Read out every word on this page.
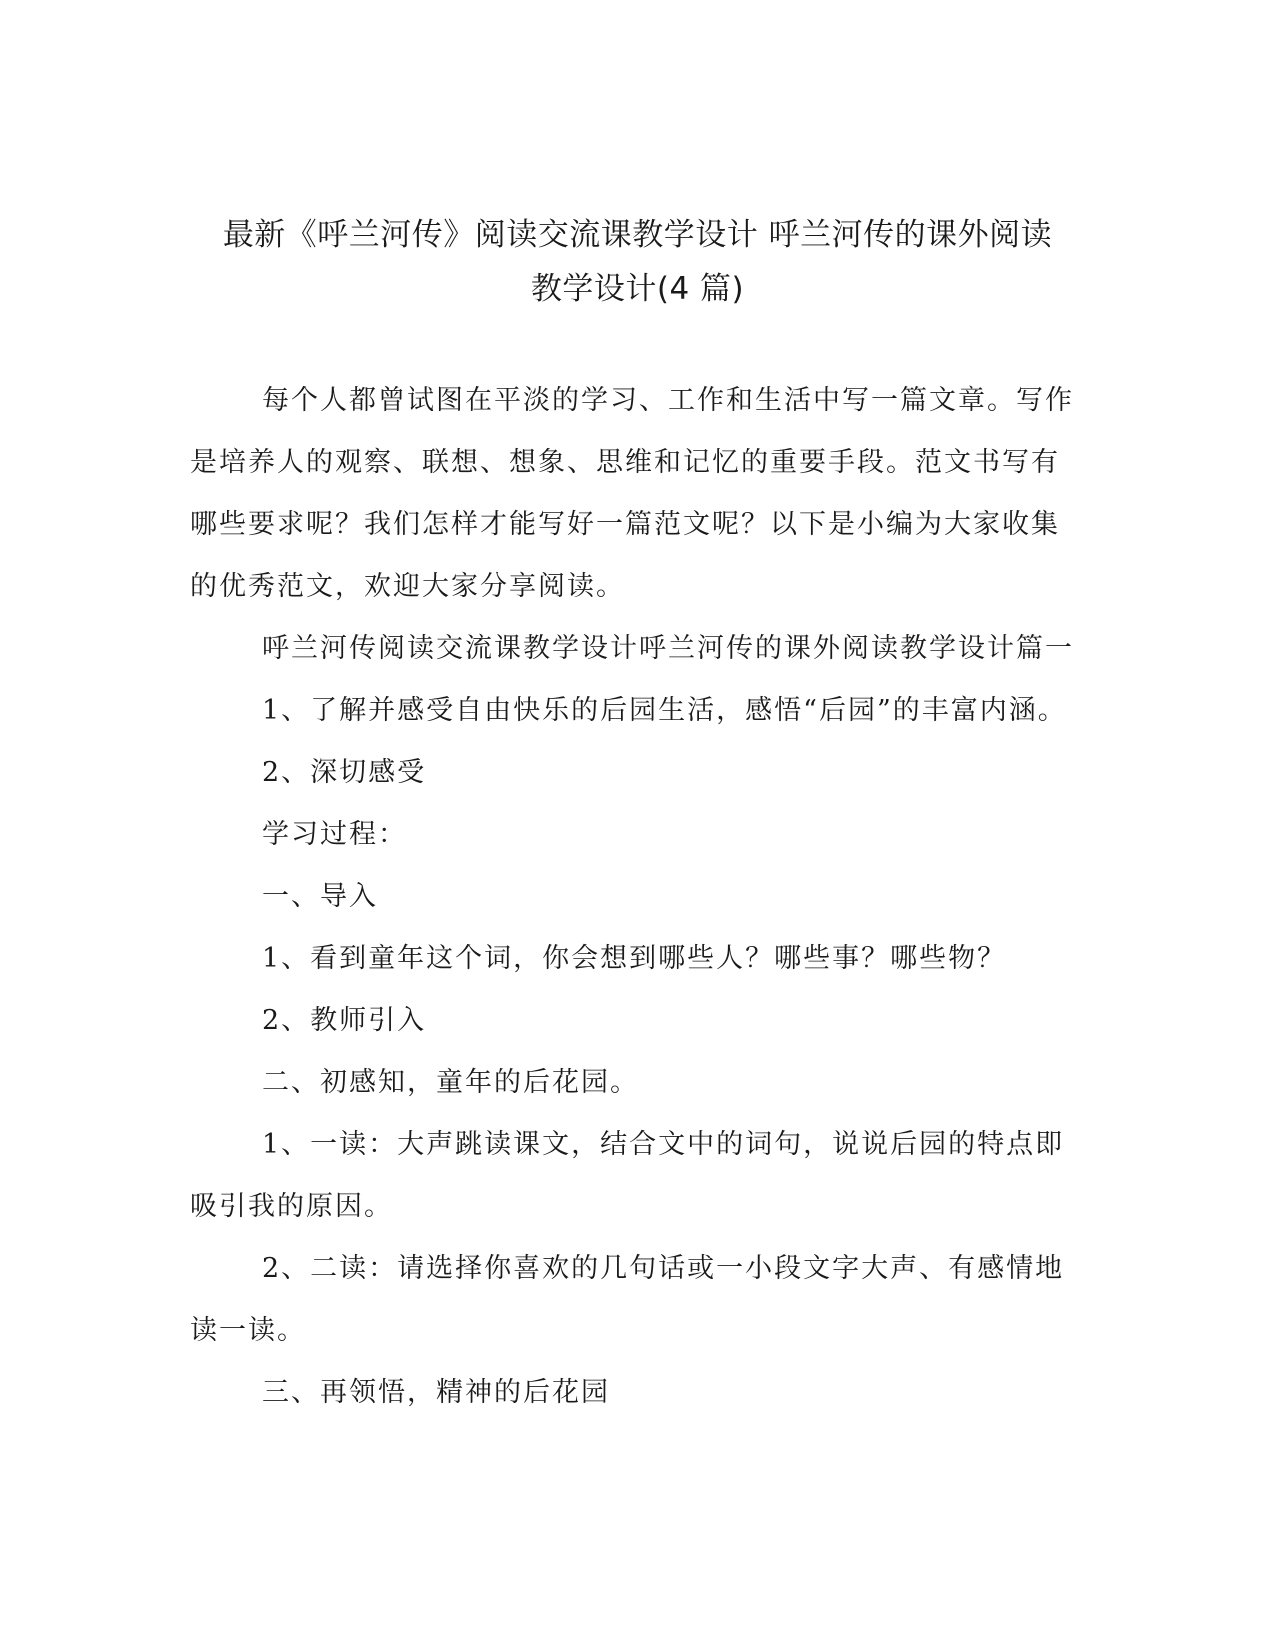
最新《呼兰河传》阅读交流课教学设计 呼兰河传的课外阅读
教学设计(4 篇)

每个人都曾试图在平淡的学习、工作和生活中写一篇文章。写作

是培养人的观察、联想、想象、思维和记忆的重要手段。范文书写有

哪些要求呢？我们怎样才能写好一篇范文呢？以下是小编为大家收集

的优秀范文，欢迎大家分享阅读。

呼兰河传阅读交流课教学设计呼兰河传的课外阅读教学设计篇一

1、了解并感受自由快乐的后园生活，感悟“后园”的丰富内涵。

2、深切感受

学习过程：

一、导入

1、看到童年这个词，你会想到哪些人？哪些事？哪些物？

2、教师引入

二、初感知，童年的后花园。

1、一读：大声跳读课文，结合文中的词句，说说后园的特点即

吸引我的原因。

2、二读：请选择你喜欢的几句话或一小段文字大声、有感情地

读一读。

三、再领悟，精神的后花园
